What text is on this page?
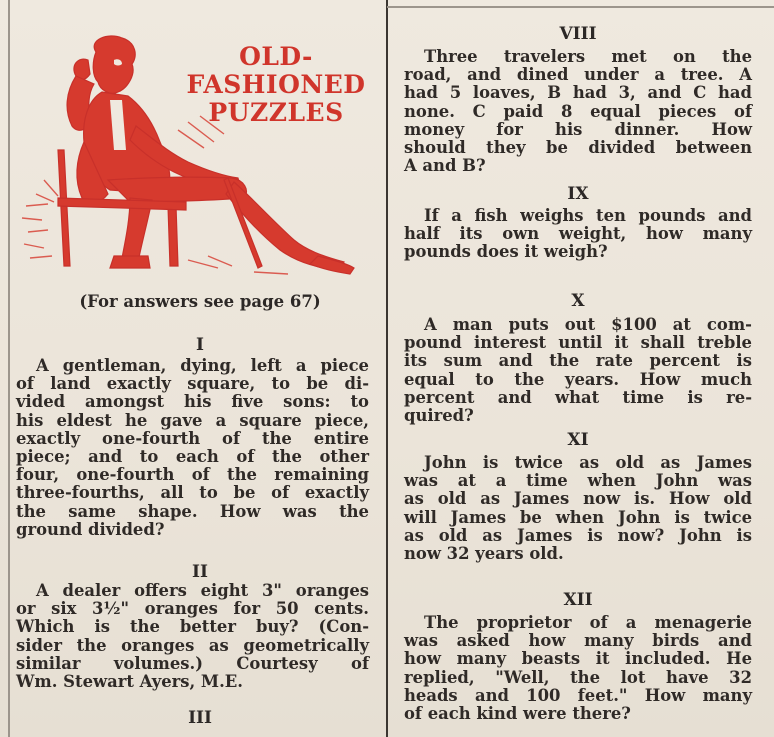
OLD-
FASHIONED
PUZZLES
(For answers see page 67)
I
A gentleman, dying, left a piece
of land exactly square, to be di-
vided amongst his five sons: to
his eldest he gave a square piece,
exactly one-fourth of the entire
piece; and to each of the other
four, one-fourth of the remaining
three-fourths, all to be of exactly
the same shape. How was the
ground divided?
II
A dealer offers eight 3" oranges
or six 3½" oranges for 50 cents.
Which is the better buy? (Con-
sider the oranges as geometrically
similar volumes.) Courtesy of
Wm. Stewart Ayers, M.E.
III
VIII
Three travelers met on the
road, and dined under a tree. A
had 5 loaves, B had 3, and C had
none. C paid 8 equal pieces of
money for his dinner. How
should they be divided between
A and B?
IX
If a fish weighs ten pounds and
half its own weight, how many
pounds does it weigh?
X
A man puts out $100 at com-
pound interest until it shall treble
its sum and the rate percent is
equal to the years. How much
percent and what time is re-
quired?
XI
John is twice as old as James
was at a time when John was
as old as James now is. How old
will James be when John is twice
as old as James is now? John is
now 32 years old.
XII
The proprietor of a menagerie
was asked how many birds and
how many beasts it included. He
replied, "Well, the lot have 32
heads and 100 feet." How many
of each kind were there?
